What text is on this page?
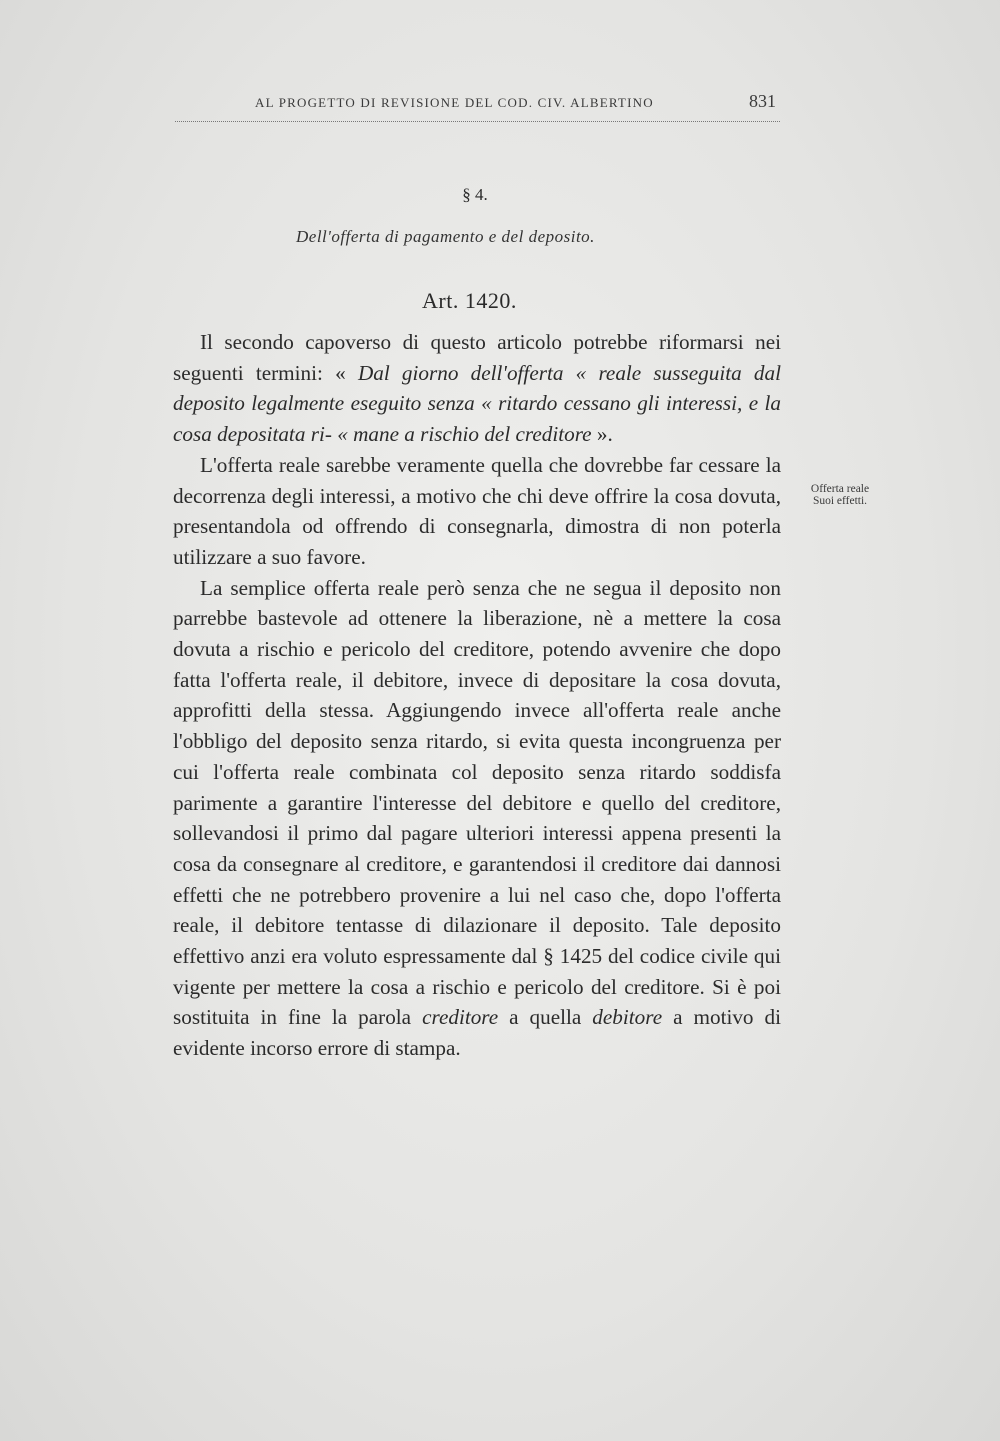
AL PROGETTO DI REVISIONE DEL COD. CIV. ALBERTINO	831
§ 4.
Dell'offerta di pagamento e del deposito.
Art. 1420.
Offerta reale
Suoi effetti.

Il secondo capoverso di questo articolo potrebbe riformarsi nei seguenti termini: « Dal giorno dell'offerta « reale susseguita dal deposito legalmente eseguito senza « ritardo cessano gli interessi, e la cosa depositata ri- « mane a rischio del creditore ».

L'offerta reale sarebbe veramente quella che dovrebbe far cessare la decorrenza degli interessi, a motivo che chi deve offrire la cosa dovuta, presentandola od offrendo di consegnarla, dimostra di non poterla utilizzare a suo favore.

La semplice offerta reale però senza che ne segua il deposito non parrebbe bastevole ad ottenere la liberazione, nè a mettere la cosa dovuta a rischio e pericolo del creditore, potendo avvenire che dopo fatta l'offerta reale, il debitore, invece di depositare la cosa dovuta, approfitti della stessa. Aggiungendo invece all'offerta reale anche l'obbligo del deposito senza ritardo, si evita questa incongruenza per cui l'offerta reale combinata col deposito senza ritardo soddisfa parimente a garantire l'interesse del debitore e quello del creditore, sollevandosi il primo dal pagare ulteriori interessi appena presenti la cosa da consegnare al creditore, e garantendosi il creditore dai dannosi effetti che ne potrebbero provenire a lui nel caso che, dopo l'offerta reale, il debitore tentasse di dilazionare il deposito. Tale deposito effettivo anzi era voluto espressamente dal § 1425 del codice civile qui vigente per mettere la cosa a rischio e pericolo del creditore. Si è poi sostituita in fine la parola creditore a quella debitore a motivo di evidente incorso errore di stampa.
